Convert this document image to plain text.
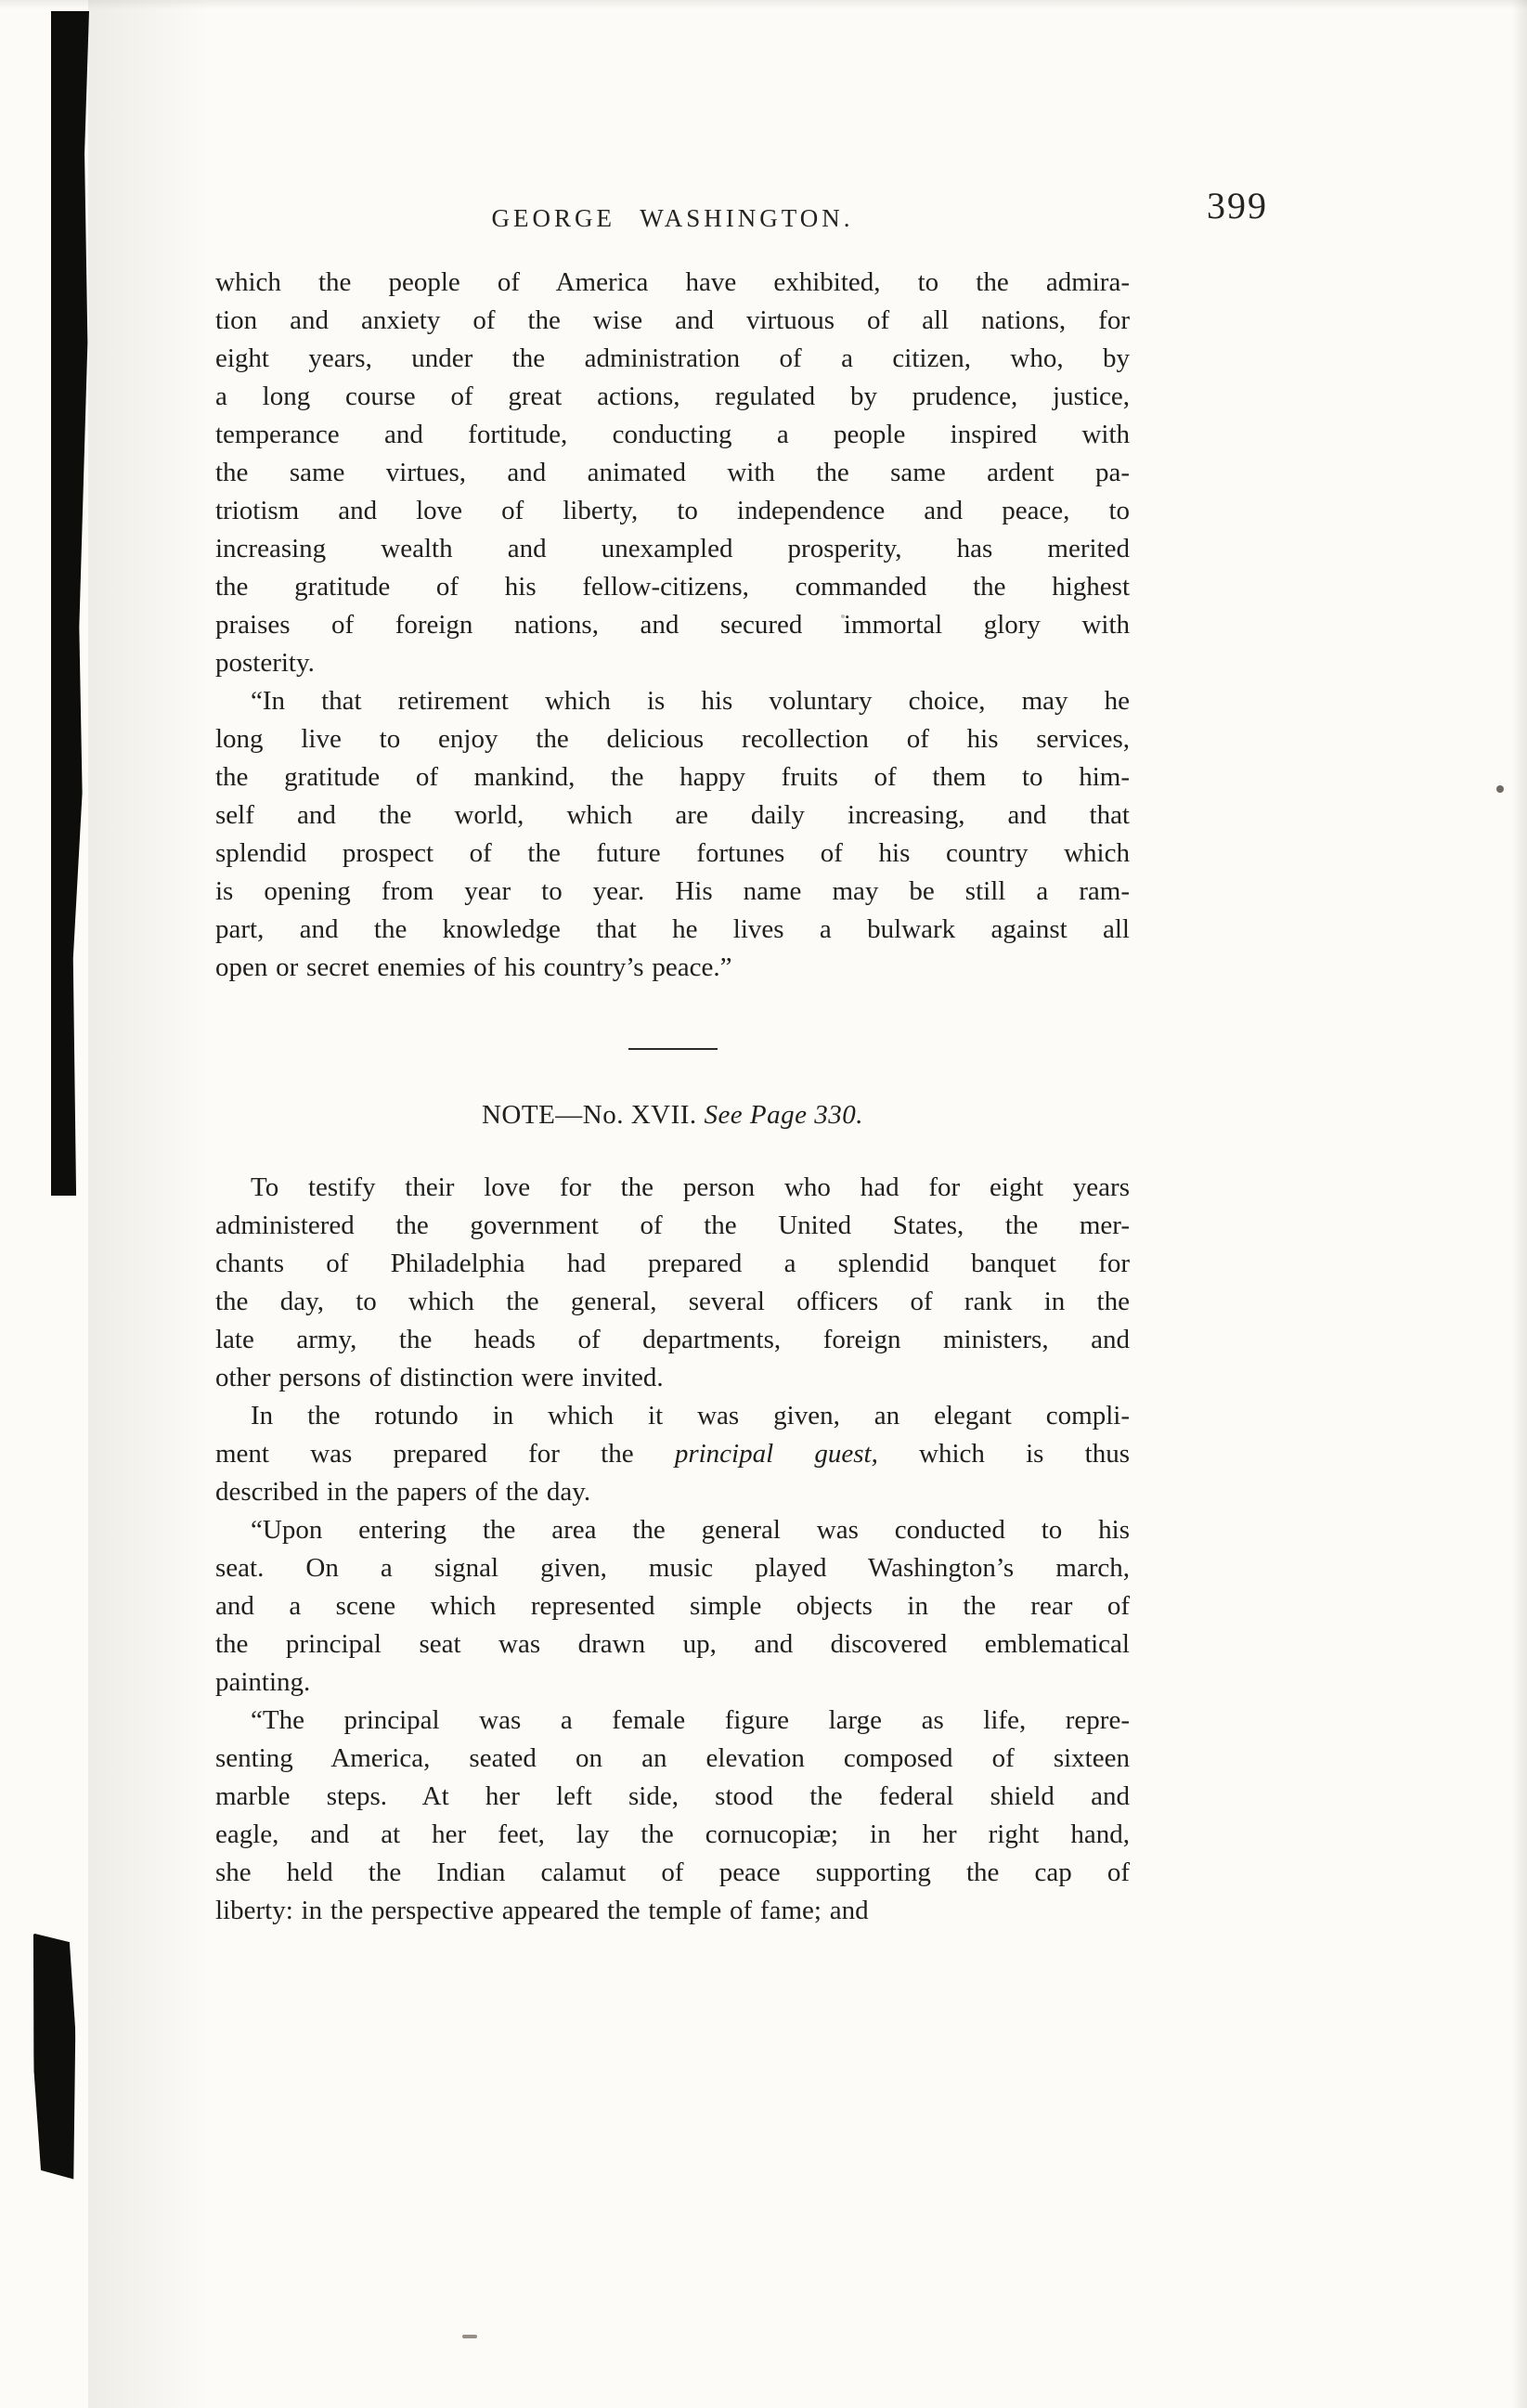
GEORGE WASHINGTON.	399
which the people of America have exhibited, to the admira-
tion and anxiety of the wise and virtuous of all nations, for
eight years, under the administration of a citizen, who, by
a long course of great actions, regulated by prudence, justice,
temperance and fortitude, conducting a people inspired with
the same virtues, and animated with the same ardent pa-
triotism and love of liberty, to independence and peace, to
increasing wealth and unexampled prosperity, has merited
the gratitude of his fellow-citizens, commanded the highest
praises of foreign nations, and secured immortal glory with
posterity.
“In that retirement which is his voluntary choice, may he
long live to enjoy the delicious recollection of his services,
the gratitude of mankind, the happy fruits of them to him-
self and the world, which are daily increasing, and that
splendid prospect of the future fortunes of his country which
is opening from year to year. His name may be still a ram-
part, and the knowledge that he lives a bulwark against all
open or secret enemies of his country’s peace.”
NOTE—No. XVII. See Page 330.
To testify their love for the person who had for eight years
administered the government of the United States, the mer-
chants of Philadelphia had prepared a splendid banquet for
the day, to which the general, several officers of rank in the
late army, the heads of departments, foreign ministers, and
other persons of distinction were invited.
In the rotundo in which it was given, an elegant compli-
ment was prepared for the principal guest, which is thus
described in the papers of the day.
“Upon entering the area the general was conducted to his
seat. On a signal given, music played Washington’s march,
and a scene which represented simple objects in the rear of
the principal seat was drawn up, and discovered emblematical
painting.
“The principal was a female figure large as life, repre-
senting America, seated on an elevation composed of sixteen
marble steps. At her left side, stood the federal shield and
eagle, and at her feet, lay the cornucopiæ; in her right hand,
she held the Indian calamut of peace supporting the cap of
liberty: in the perspective appeared the temple of fame; and
